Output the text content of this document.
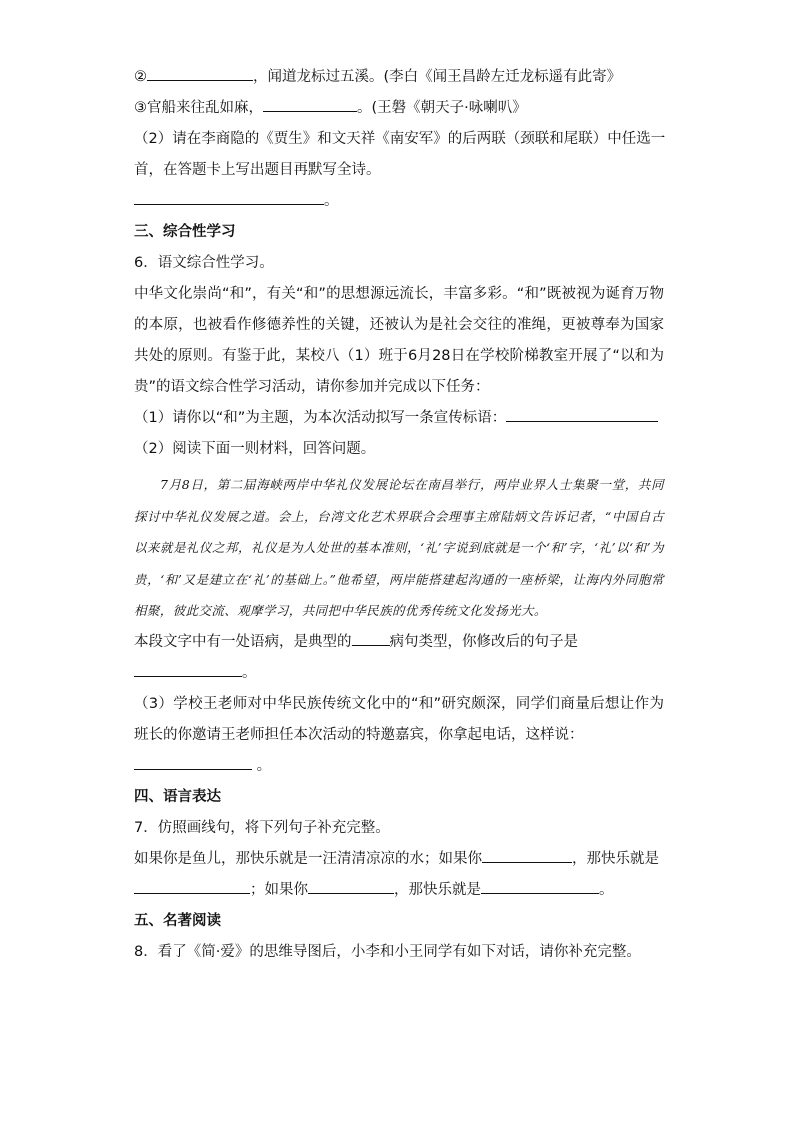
②	，闻道龙标过五溪。(李白《闻王昌龄左迁龙标遥有此寄》
③官船来往乱如麻，	。(王磐《朝天子·咏喇叭》
（2）请在李商隐的《贾生》和文天祥《南安军》的后两联（颈联和尾联）中任选一
首，在答题卡上写出题目再默写全诗。
。
三、综合性学习
6．语文综合性学习。
中华文化崇尚“和”，有关“和”的思想源远流长，丰富多彩。“和”既被视为诞育万物的本原，也被看作修德养性的关键，还被认为是社会交往的准绳，更被尊奉为国家共处的原则。有鉴于此，某校八（1）班于6月28日在学校阶梯教室开展了“以和为贵”的语文综合性学习活动，请你参加并完成以下任务：
（1）请你以“和”为主题，为本次活动拟写一条宣传标语：
（2）阅读下面一则材料，回答问题。
7月8日，第二届海峡两岸中华礼仪发展论坛在南昌举行，两岸业界人士集聚一堂，共同探讨中华礼仪发展之道。会上，台湾文化艺术界联合会理事主席陆炳文告诉记者，“中国自古以来就是礼仪之邦，礼仪是为人处世的基本准则，‘礼’字说到底就是一个‘和’字，‘礼’以‘和’为贵，‘和’又是建立在‘礼’的基础上。”他希望，两岸能搭建起沟通的一座桥梁，让海内外同胞常相聚，彼此交流、观摩学习，共同把中华民族的优秀传统文化发扬光大。
本段文字中有一处语病，是典型的	病句类型，你修改后的句子是
。
（3）学校王老师对中华民族传统文化中的“和”研究颇深，同学们商量后想让作为班长的你邀请王老师担任本次活动的特邀嘉宾，你拿起电话，这样说：
。
四、语言表达
7．仿照画线句，将下列句子补充完整。
如果你是鱼儿，那快乐就是一汪清清凉凉的水；如果你	，那快乐就是
；如果你	，那快乐就是	。
五、名著阅读
8．看了《简·爱》的思维导图后，小李和小王同学有如下对话，请你补充完整。
